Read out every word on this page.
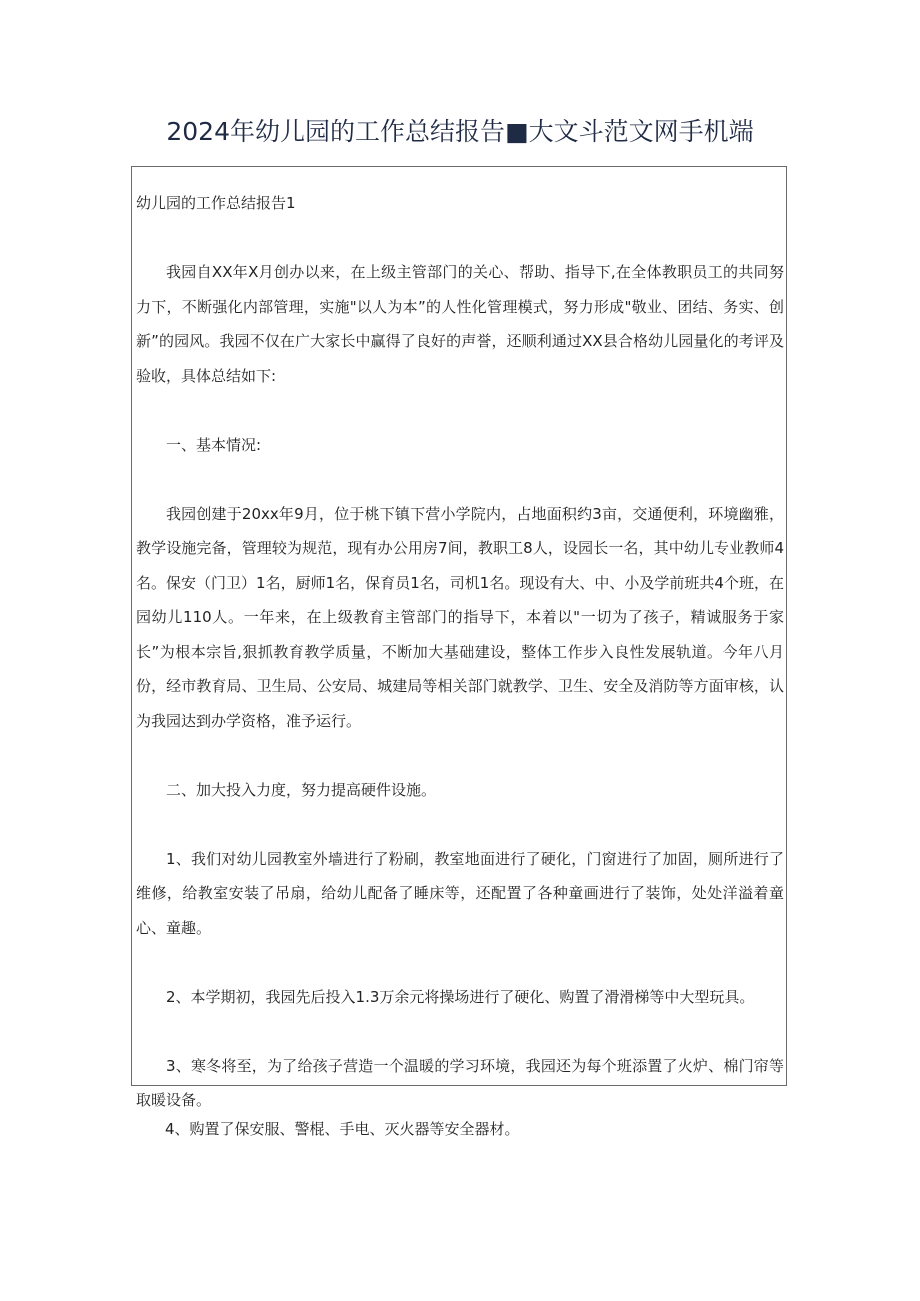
2024年幼儿园的工作总结报告■大文斗范文网手机端

幼儿园的工作总结报告1

我园自XX年X月创办以来，在上级主管部门的关心、帮助、指导下,在全体教职员工的共同努力下，不断强化内部管理，实施"以人为本”的人性化管理模式，努力形成"敬业、团结、务实、创新”的园风。我园不仅在广大家长中赢得了良好的声誉，还顺利通过XX县合格幼儿园量化的考评及验收，具体总结如下:

一、基本情况:

我园创建于20xx年9月，位于桃下镇下营小学院内，占地面积约3亩，交通便利，环境幽雅，教学设施完备，管理较为规范，现有办公用房7间，教职工8人，设园长一名，其中幼儿专业教师4名。保安（门卫）1名，厨师1名，保育员1名，司机1名。现设有大、中、小及学前班共4个班，在园幼儿110人。一年来，在上级教育主管部门的指导下，本着以"一切为了孩子，精诚服务于家长”为根本宗旨,狠抓教育教学质量，不断加大基础建设，整体工作步入良性发展轨道。今年八月份，经市教育局、卫生局、公安局、城建局等相关部门就教学、卫生、安全及消防等方面审核，认为我园达到办学资格，准予运行。

二、加大投入力度，努力提高硬件设施。

1、我们对幼儿园教室外墙进行了粉刷，教室地面进行了硬化，门窗进行了加固，厕所进行了维修，给教室安装了吊扇，给幼儿配备了睡床等，还配置了各种童画进行了装饰，处处洋溢着童心、童趣。

2、本学期初，我园先后投入1.3万余元将操场进行了硬化、购置了滑滑梯等中大型玩具。

3、寒冬将至，为了给孩子营造一个温暖的学习环境，我园还为每个班添置了火炉、棉门帘等取暖设备。

4、购置了保安服、警棍、手电、灭火器等安全器材。
